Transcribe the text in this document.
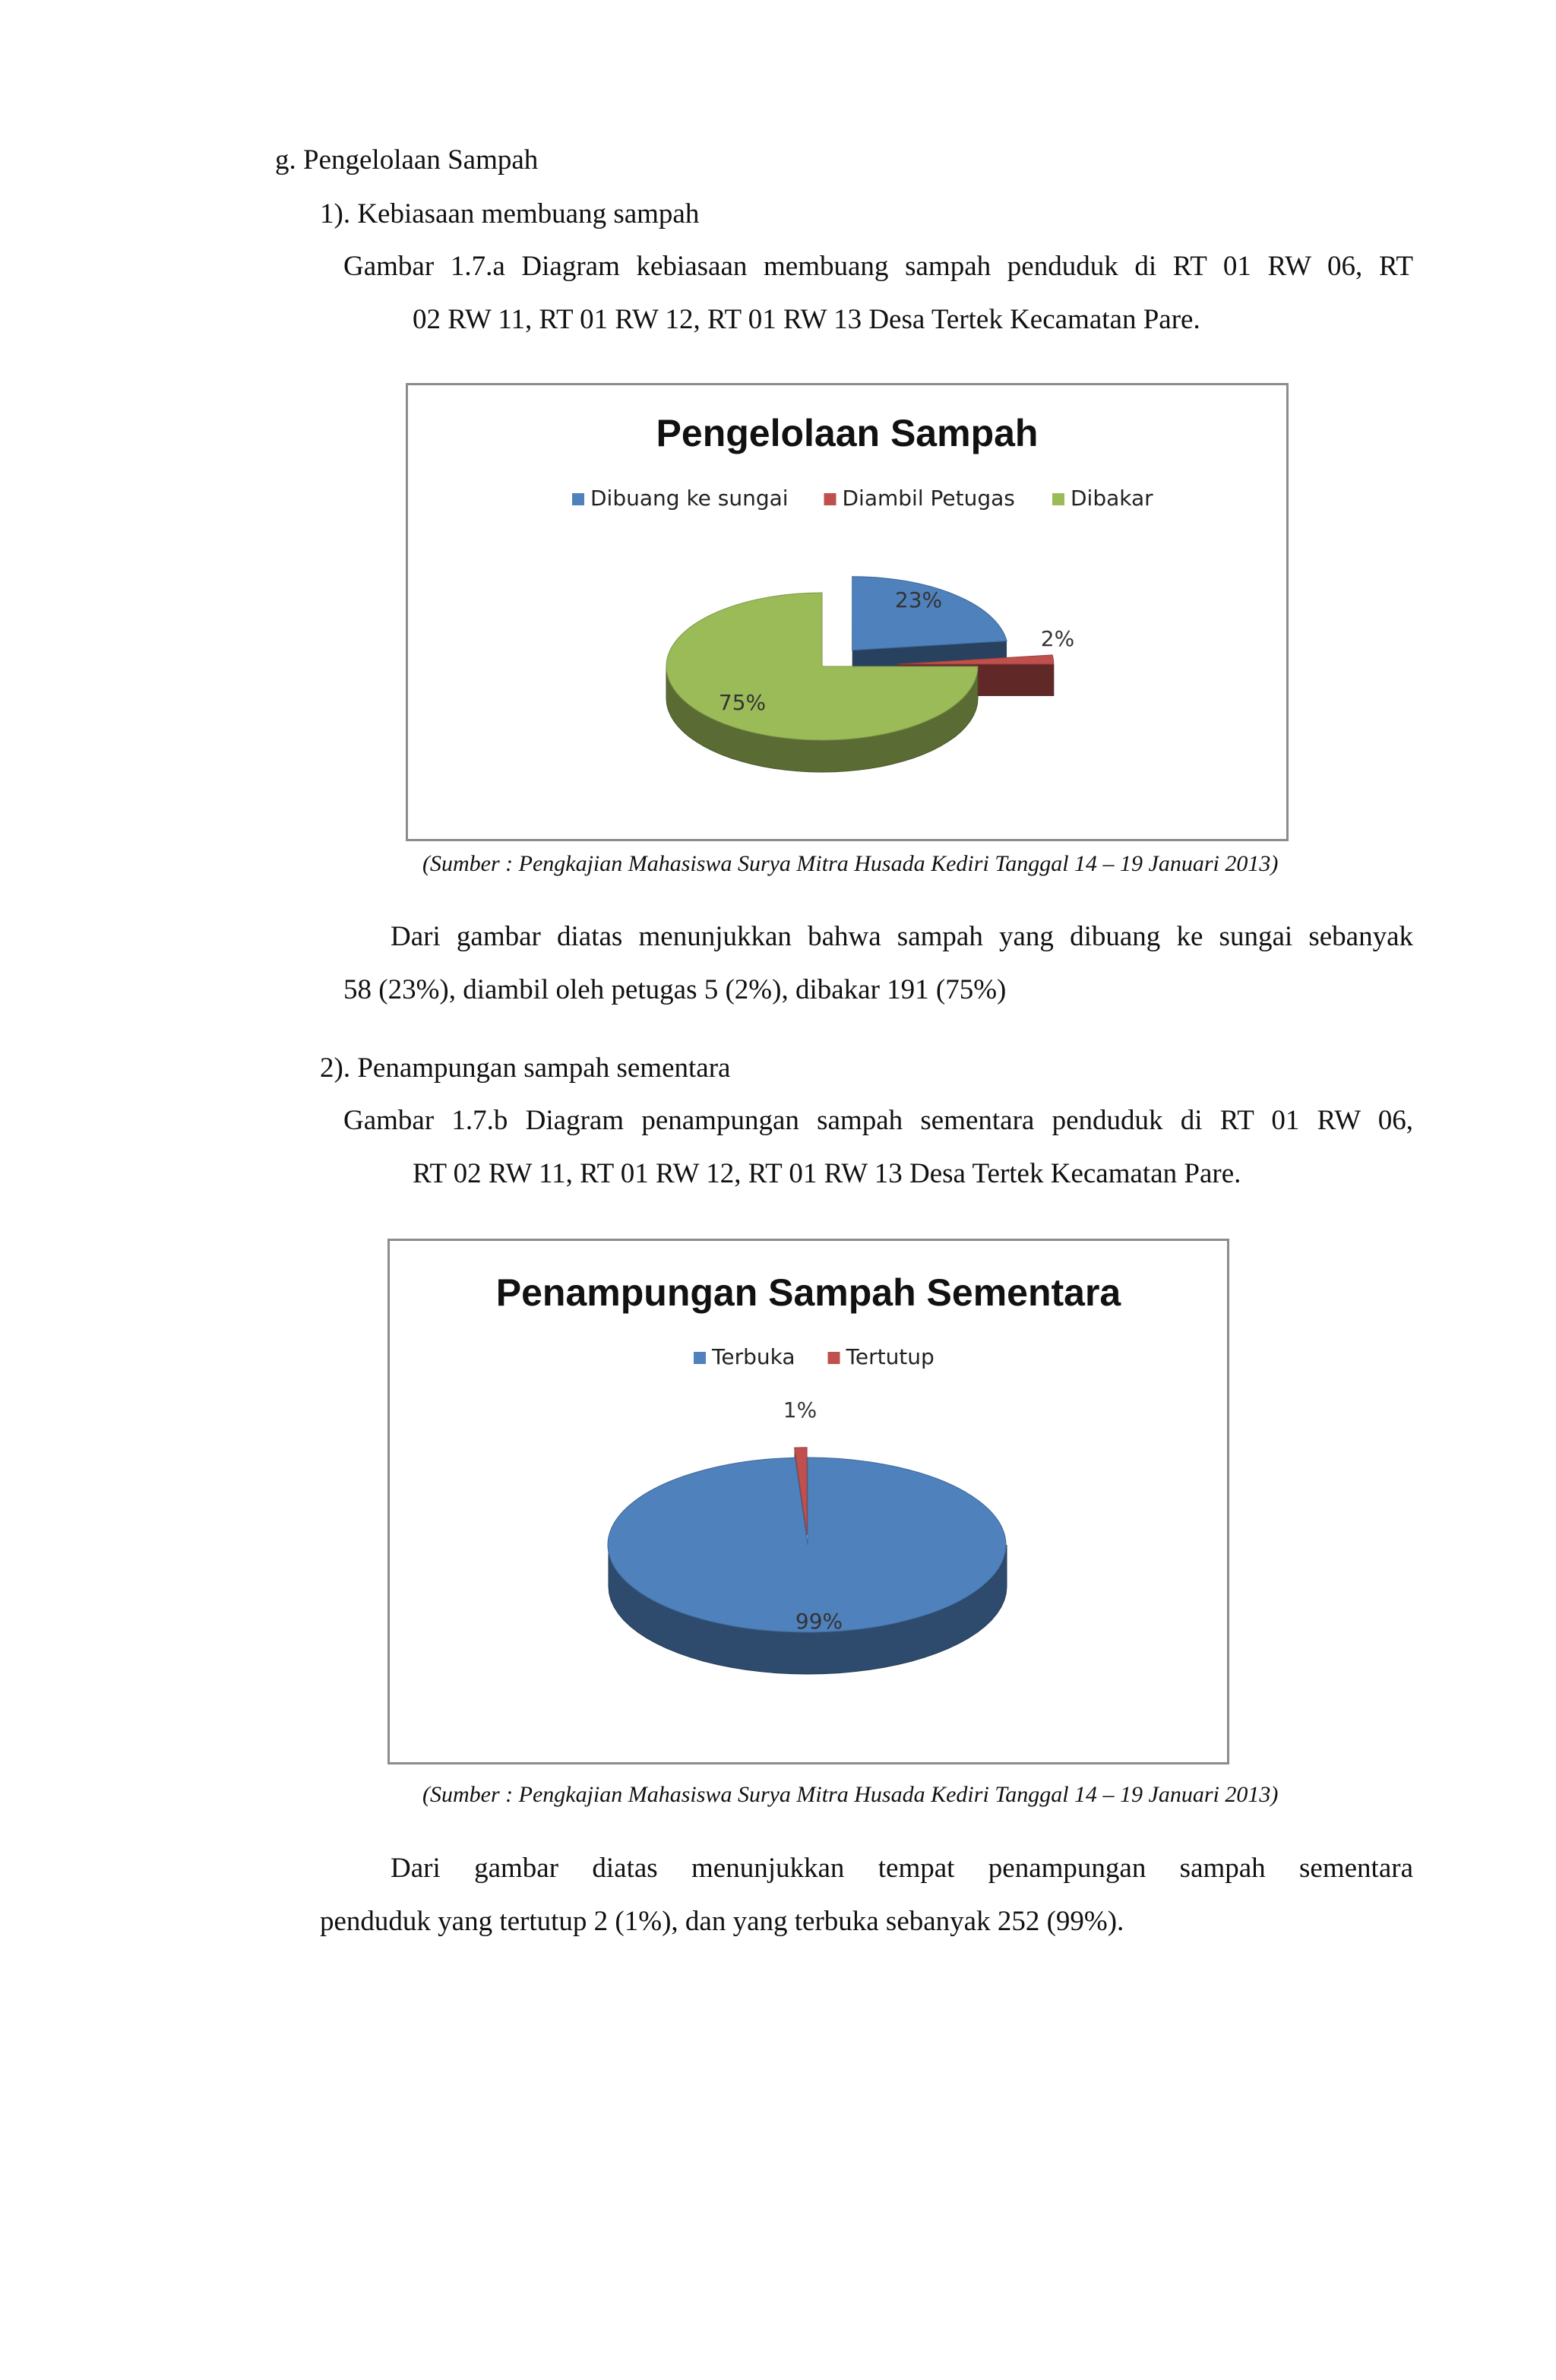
g. Pengelolaan Sampah
1). Kebiasaan membuang sampah
Gambar 1.7.a Diagram kebiasaan membuang sampah penduduk di RT 01 RW 06, RT
02 RW 11, RT 01 RW 12, RT 01 RW 13 Desa Tertek Kecamatan Pare.
Pengelolaan Sampah
Dibuang ke sungai	Diambil Petugas	Dibakar
23%
2%
75%
(Sumber : Pengkajian Mahasiswa Surya Mitra Husada Kediri Tanggal 14 – 19 Januari 2013)
Dari gambar diatas menunjukkan bahwa sampah yang dibuang ke sungai sebanyak
58 (23%), diambil oleh petugas 5 (2%), dibakar 191 (75%)
2). Penampungan sampah sementara
Gambar 1.7.b Diagram penampungan sampah sementara penduduk di RT 01 RW 06,
RT 02 RW 11, RT 01 RW 12, RT 01 RW 13 Desa Tertek Kecamatan Pare.
Penampungan Sampah Sementara
Terbuka Tertutup
99%
1%
(Sumber : Pengkajian Mahasiswa Surya Mitra Husada Kediri Tanggal 14 – 19 Januari 2013)
Dari gambar diatas menunjukkan tempat penampungan sampah sementara
penduduk yang tertutup 2 (1%), dan yang terbuka sebanyak 252 (99%).
